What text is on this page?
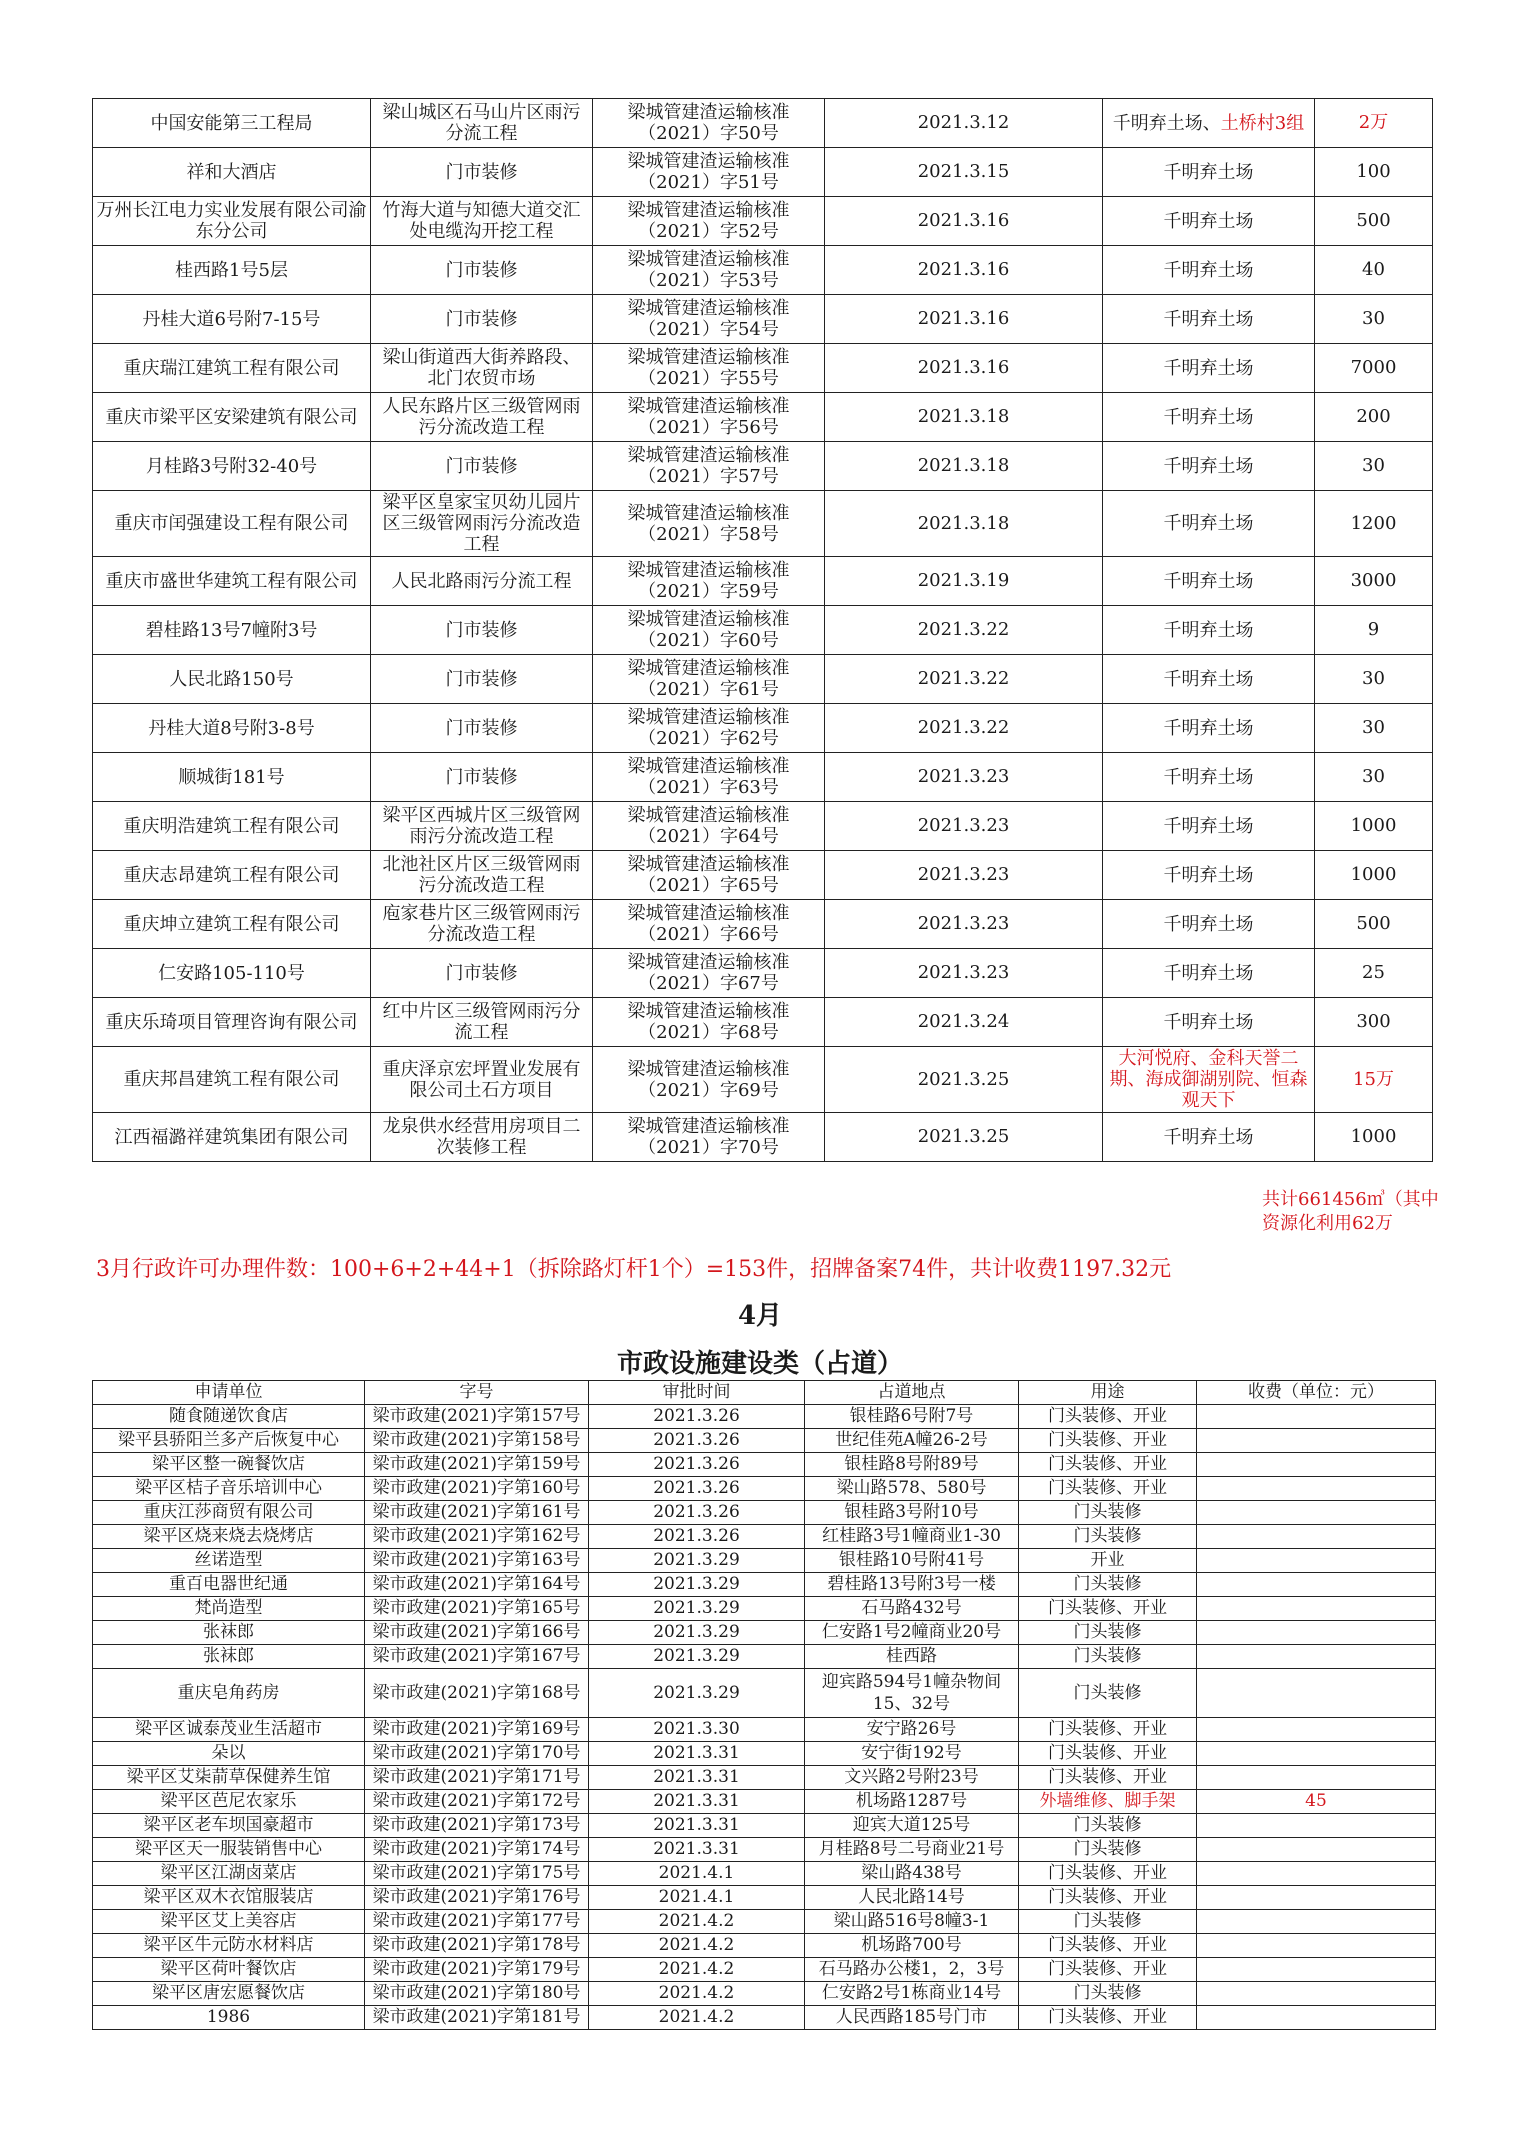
中国安能第三工程局	梁山城区石马山片区雨污分流工程	梁城管建渣运输核准（2021）字50号	2021.3.12	千明弃土场、土桥村3组	2万
祥和大酒店	门市装修	梁城管建渣运输核准（2021）字51号	2021.3.15	千明弃土场	100
万州长江电力实业发展有限公司渝东分公司	竹海大道与知德大道交汇处电缆沟开挖工程	梁城管建渣运输核准（2021）字52号	2021.3.16	千明弃土场	500
桂西路1号5层	门市装修	梁城管建渣运输核准（2021）字53号	2021.3.16	千明弃土场	40
丹桂大道6号附7-15号	门市装修	梁城管建渣运输核准（2021）字54号	2021.3.16	千明弃土场	30
重庆瑞江建筑工程有限公司	梁山街道西大街养路段、北门农贸市场	梁城管建渣运输核准（2021）字55号	2021.3.16	千明弃土场	7000
重庆市梁平区安梁建筑有限公司	人民东路片区三级管网雨污分流改造工程	梁城管建渣运输核准（2021）字56号	2021.3.18	千明弃土场	200
月桂路3号附32-40号	门市装修	梁城管建渣运输核准（2021）字57号	2021.3.18	千明弃土场	30
重庆市闰强建设工程有限公司	梁平区皇家宝贝幼儿园片区三级管网雨污分流改造工程	梁城管建渣运输核准（2021）字58号	2021.3.18	千明弃土场	1200
重庆市盛世华建筑工程有限公司	人民北路雨污分流工程	梁城管建渣运输核准（2021）字59号	2021.3.19	千明弃土场	3000
碧桂路13号7幢附3号	门市装修	梁城管建渣运输核准（2021）字60号	2021.3.22	千明弃土场	9
人民北路150号	门市装修	梁城管建渣运输核准（2021）字61号	2021.3.22	千明弃土场	30
丹桂大道8号附3-8号	门市装修	梁城管建渣运输核准（2021）字62号	2021.3.22	千明弃土场	30
顺城街181号	门市装修	梁城管建渣运输核准（2021）字63号	2021.3.23	千明弃土场	30
重庆明浩建筑工程有限公司	梁平区西城片区三级管网雨污分流改造工程	梁城管建渣运输核准（2021）字64号	2021.3.23	千明弃土场	1000
重庆志昂建筑工程有限公司	北池社区片区三级管网雨污分流改造工程	梁城管建渣运输核准（2021）字65号	2021.3.23	千明弃土场	1000
重庆坤立建筑工程有限公司	庖家巷片区三级管网雨污分流改造工程	梁城管建渣运输核准（2021）字66号	2021.3.23	千明弃土场	500
仁安路105-110号	门市装修	梁城管建渣运输核准（2021）字67号	2021.3.23	千明弃土场	25
重庆乐琦项目管理咨询有限公司	红中片区三级管网雨污分流工程	梁城管建渣运输核准（2021）字68号	2021.3.24	千明弃土场	300
重庆邦昌建筑工程有限公司	重庆泽京宏坪置业发展有限公司土石方项目	梁城管建渣运输核准（2021）字69号	2021.3.25	大河悦府、金科天誉二期、海成御湖别院、恒森观天下	15万
江西福潞祥建筑集团有限公司	龙泉供水经营用房项目二次装修工程	梁城管建渣运输核准（2021）字70号	2021.3.25	千明弃土场	1000
共计661456㎥（其中资源化利用62万
3月行政许可办理件数：100+6+2+44+1（拆除路灯杆1个）=153件，招牌备案74件，共计收费1197.32元
4月
市政设施建设类（占道）
申请单位	字号	审批时间	占道地点	用途	收费（单位：元）
随食随递饮食店	梁市政建(2021)字第157号	2021.3.26	银桂路6号附7号	门头装修、开业	
梁平县骄阳兰多产后恢复中心	梁市政建(2021)字第158号	2021.3.26	世纪佳苑A幢26-2号	门头装修、开业	
梁平区整一碗餐饮店	梁市政建(2021)字第159号	2021.3.26	银桂路8号附89号	门头装修、开业	
梁平区桔子音乐培训中心	梁市政建(2021)字第160号	2021.3.26	梁山路578、580号	门头装修、开业	
重庆江莎商贸有限公司	梁市政建(2021)字第161号	2021.3.26	银桂路3号附10号	门头装修	
梁平区烧来烧去烧烤店	梁市政建(2021)字第162号	2021.3.26	红桂路3号1幢商业1-30	门头装修	
丝诺造型	梁市政建(2021)字第163号	2021.3.29	银桂路10号附41号	开业	
重百电器世纪通	梁市政建(2021)字第164号	2021.3.29	碧桂路13号附3号一楼	门头装修	
梵尚造型	梁市政建(2021)字第165号	2021.3.29	石马路432号	门头装修、开业	
张袜郎	梁市政建(2021)字第166号	2021.3.29	仁安路1号2幢商业20号	门头装修	
张袜郎	梁市政建(2021)字第167号	2021.3.29	桂西路	门头装修	
重庆皂角药房	梁市政建(2021)字第168号	2021.3.29	迎宾路594号1幢杂物间15、32号	门头装修	
梁平区诚泰茂业生活超市	梁市政建(2021)字第169号	2021.3.30	安宁路26号	门头装修、开业	
朵以	梁市政建(2021)字第170号	2021.3.31	安宁街192号	门头装修、开业	
梁平区艾柒葥草保健养生馆	梁市政建(2021)字第171号	2021.3.31	文兴路2号附23号	门头装修、开业	
梁平区芭尼农家乐	梁市政建(2021)字第172号	2021.3.31	机场路1287号	外墙维修、脚手架	45
梁平区老车坝国豪超市	梁市政建(2021)字第173号	2021.3.31	迎宾大道125号	门头装修	
梁平区天一服装销售中心	梁市政建(2021)字第174号	2021.3.31	月桂路8号二号商业21号	门头装修	
梁平区江湖卤菜店	梁市政建(2021)字第175号	2021.4.1	梁山路438号	门头装修、开业	
梁平区双木衣馆服装店	梁市政建(2021)字第176号	2021.4.1	人民北路14号	门头装修、开业	
梁平区艾上美容店	梁市政建(2021)字第177号	2021.4.2	梁山路516号8幢3-1	门头装修	
梁平区牛元防水材料店	梁市政建(2021)字第178号	2021.4.2	机场路700号	门头装修、开业	
梁平区荷叶餐饮店	梁市政建(2021)字第179号	2021.4.2	石马路办公楼1，2，3号	门头装修、开业	
梁平区唐宏愿餐饮店	梁市政建(2021)字第180号	2021.4.2	仁安路2号1栋商业14号	门头装修	
1986	梁市政建(2021)字第181号	2021.4.2	人民西路185号门市	门头装修、开业	
